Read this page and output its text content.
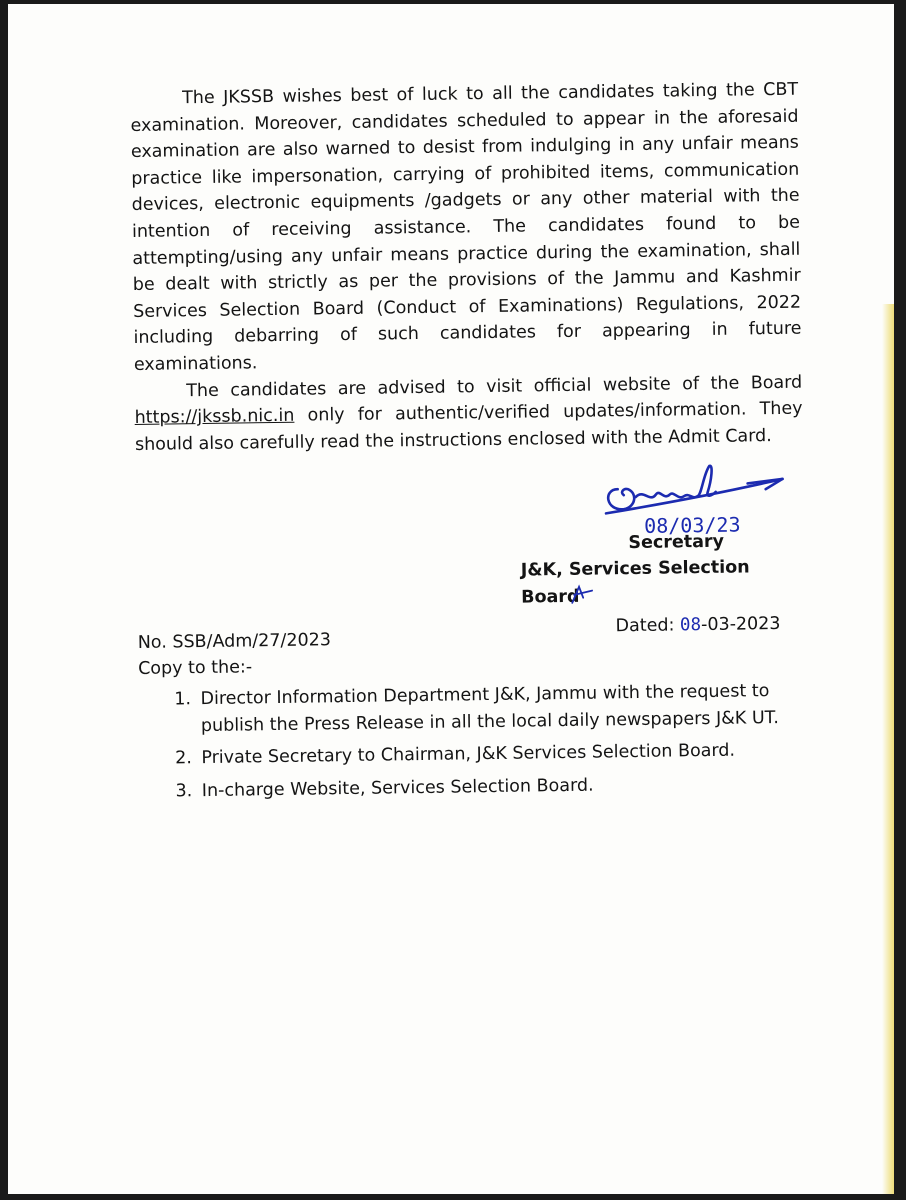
The JKSSB wishes best of luck to all the candidates taking the CBT examination. Moreover, candidates scheduled to appear in the aforesaid examination are also warned to desist from indulging in any unfair means practice like impersonation, carrying of prohibited items, communication devices, electronic equipments /gadgets or any other material with the intention of receiving assistance. The candidates found to be attempting/using any unfair means practice during the examination, shall be dealt with strictly as per the provisions of the Jammu and Kashmir Services Selection Board (Conduct of Examinations) Regulations, 2022 including debarring of such candidates for appearing in future examinations.

The candidates are advised to visit official website of the Board https://jkssb.nic.in only for authentic/verified updates/information. They should also carefully read the instructions enclosed with the Admit Card.

08/03/23
Secretary
J&K, Services Selection Board
No. SSB/Adm/27/2023
Dated: 08-03-2023
Copy to the:-
1. Director Information Department J&K, Jammu with the request to publish the Press Release in all the local daily newspapers J&K UT.
2. Private Secretary to Chairman, J&K Services Selection Board.
3. In-charge Website, Services Selection Board.
